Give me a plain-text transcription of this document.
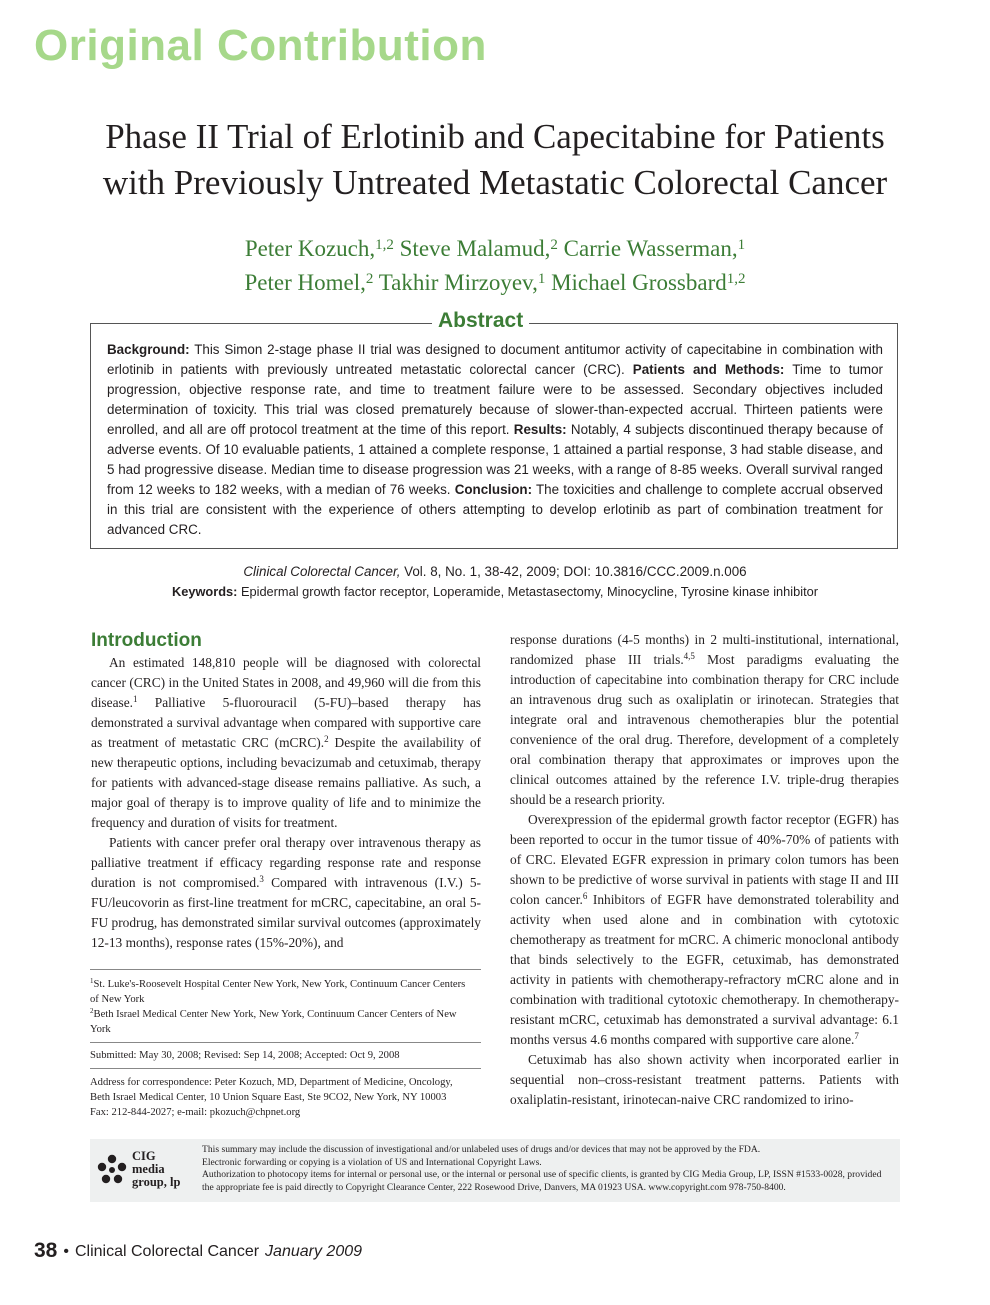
Original Contribution
Phase II Trial of Erlotinib and Capecitabine for Patients
with Previously Untreated Metastatic Colorectal Cancer
Peter Kozuch,$^{1,2}$ Steve Malamud,$^2$ Carrie Wasserman,$^1$
Peter Homel,$^2$ Takhir Mirzoyev,$^1$ Michael Grossbard$^{1,2}$
Abstract
Background: This Simon 2-stage phase II trial was designed to document antitumor activity of capecitabine in combination with erlotinib in patients with previously untreated metastatic colorectal cancer (CRC). Patients and Methods: Time to tumor progression, objective response rate, and time to treatment failure were to be assessed. Secondary objectives included determination of toxicity. This trial was closed prematurely because of slower-than-expected accrual. Thirteen patients were enrolled, and all are off protocol treatment at the time of this report. Results: Notably, 4 subjects discontinued therapy because of adverse events. Of 10 evaluable patients, 1 attained a complete response, 1 attained a partial response, 3 had stable disease, and 5 had progressive disease. Median time to disease progression was 21 weeks, with a range of 8-85 weeks. Overall survival ranged from 12 weeks to 182 weeks, with a median of 76 weeks. Conclusion: The toxicities and challenge to complete accrual observed in this trial are consistent with the experience of others attempting to develop erlotinib as part of combination treatment for advanced CRC.
Clinical Colorectal Cancer, Vol. 8, No. 1, 38-42, 2009; DOI: 10.3816/CCC.2009.n.006
Keywords: Epidermal growth factor receptor, Loperamide, Metastasectomy, Minocycline, Tyrosine kinase inhibitor
Introduction

An estimated 148,810 people will be diagnosed with colorectal cancer (CRC) in the United States in 2008, and 49,960 will die from this disease.$^1$ Palliative 5-fluorouracil (5-FU)–based therapy has demonstrated a survival advantage when compared with supportive care as treatment of metastatic CRC (mCRC).$^2$ Despite the availability of new therapeutic options, including bevacizumab and cetuximab, therapy for patients with advanced-stage disease remains palliative. As such, a major goal of therapy is to improve quality of life and to minimize the frequency and duration of visits for treatment.

Patients with cancer prefer oral therapy over intravenous therapy as palliative treatment if efficacy regarding response rate and response duration is not compromised.$^3$ Compared with intravenous (I.V.) 5-FU/leucovorin as first-line treatment for mCRC, capecitabine, an oral 5-FU prodrug, has demonstrated similar survival outcomes (approximately 12-13 months), response rates (15%-20%), and

response durations (4-5 months) in 2 multi-institutional, international, randomized phase III trials.$^{4,5}$ Most paradigms evaluating the introduction of capecitabine into combination therapy for CRC include an intravenous drug such as oxaliplatin or irinotecan. Strategies that integrate oral and intravenous chemotherapies blur the potential convenience of the oral drug. Therefore, development of a completely oral combination therapy that approximates or improves upon the clinical outcomes attained by the reference I.V. triple-drug therapies should be a research priority.

Overexpression of the epidermal growth factor receptor (EGFR) has been reported to occur in the tumor tissue of 40%-70% of patients with of CRC. Elevated EGFR expression in primary colon tumors has been shown to be predictive of worse survival in patients with stage II and III colon cancer.$^6$ Inhibitors of EGFR have demonstrated tolerability and activity when used alone and in combination with cytotoxic chemotherapy as treatment for mCRC. A chimeric monoclonal antibody that binds selectively to the EGFR, cetuximab, has demonstrated activity in patients with chemotherapy-refractory mCRC alone and in combination with traditional cytotoxic chemotherapy. In chemotherapy-resistant mCRC, cetuximab has demonstrated a survival advantage: 6.1 months versus 4.6 months compared with supportive care alone.$^7$

Cetuximab has also shown activity when incorporated earlier in sequential non–cross-resistant treatment patterns. Patients with oxaliplatin-resistant, irinotecan-naive CRC randomized to irino-

$^1$St. Luke's-Roosevelt Hospital Center New York, New York, Continuum Cancer Centers of New York
$^2$Beth Israel Medical Center New York, New York, Continuum Cancer Centers of New York
Submitted: May 30, 2008; Revised: Sep 14, 2008; Accepted: Oct 9, 2008
Address for correspondence: Peter Kozuch, MD, Department of Medicine, Oncology, Beth Israel Medical Center, 10 Union Square East, Ste 9CO2, New York, NY 10003
Fax: 212-844-2027; e-mail: pkozuch@chpnet.org
CIG
media
group, lp
This summary may include the discussion of investigational and/or unlabeled uses of drugs and/or devices that may not be approved by the FDA.
Electronic forwarding or copying is a violation of US and International Copyright Laws.
Authorization to photocopy items for internal or personal use, or the internal or personal use of specific clients, is granted by CIG Media Group, LP, ISSN #1533-0028, provided the appropriate fee is paid directly to Copyright Clearance Center, 222 Rosewood Drive, Danvers, MA 01923 USA. www.copyright.com 978-750-8400.
38 • Clinical Colorectal Cancer January 2009
